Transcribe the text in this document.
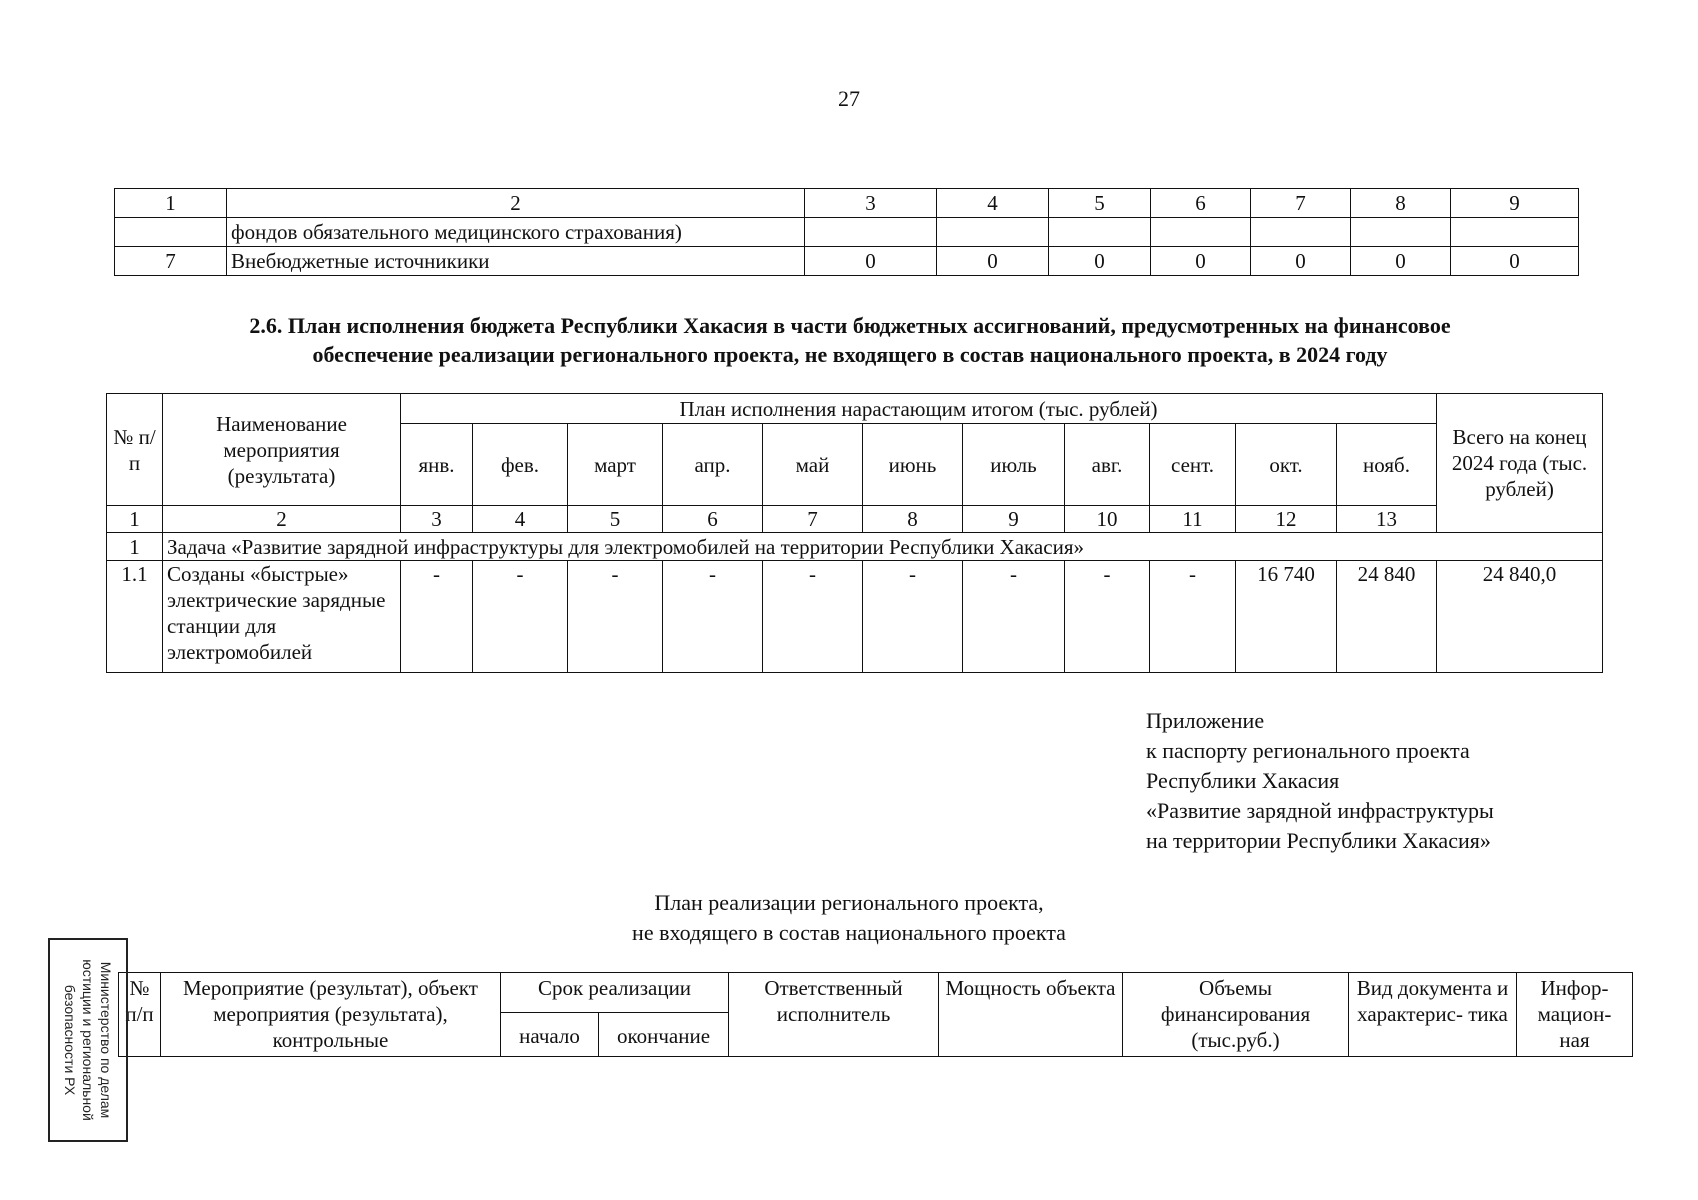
27
1	2	3	4	5	6	7	8	9
	фондов обязательного медицинского страхования)							
7	Внебюджетные источникики	0	0	0	0	0	0	0
2.6. План исполнения бюджета Республики Хакасия в части бюджетных ассигнований, предусмотренных на финансовое
обеспечение реализации регионального проекта, не входящего в состав национального проекта, в 2024 году
№ п/п	Наименование мероприятия (результата)	План исполнения нарастающим итогом (тыс. рублей)											Всего на конец 2024 года (тыс. рублей)
		янв.	фев.	март	апр.	май	июнь	июль	авг.	сент.	окт.	нояб.	
1	2	3	4	5	6	7	8	9	10	11	12	13	
1	Задача «Развитие зарядной инфраструктуры для электромобилей на территории Республики Хакасия»												
1.1	Созданы «быстрые» электрические зарядные станции для электромобилей	-	-	-	-	-	-	-	-	-	16 740	24 840	24 840,0
Приложение
к паспорту регионального проекта
Республики Хакасия
«Развитие зарядной инфраструктуры
на территории Республики Хакасия»
План реализации регионального проекта,
не входящего в состав национального проекта
№ п/п	Мероприятие (результат), объект мероприятия (результата), контрольные	Срок реализации		Ответственный исполнитель	Мощность объекта	Объемы финансирования (тыс.руб.)	Вид документа и характерис- тика	Инфор- мацион- ная
		начало	окончание					
Министерство по делам
юстиции и региональной
безопасности РХ
